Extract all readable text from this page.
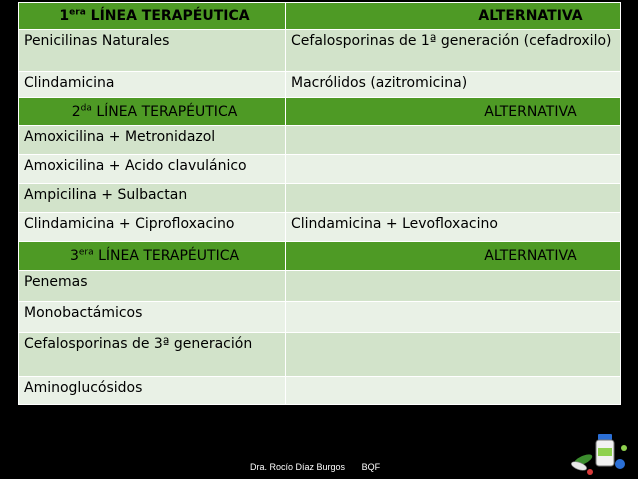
$1^{era}$ LÍNEA TERAPÉUTICA	ALTERNATIVA
Penicilinas Naturales	Cefalosporinas de 1ª generación (cefadroxilo)
Clindamicina	Macrólidos (azitromicina)
$2^{da}$ LÍNEA TERAPÉUTICA	ALTERNATIVA
Amoxicilina + Metronidazol	
Amoxicilina + Acido clavulánico	
Ampicilina + Sulbactan	
Clindamicina + Ciprofloxacino	Clindamicina + Levofloxacino
$3^{era}$ LÍNEA TERAPÉUTICA	ALTERNATIVA
Penemas	
Monobactámicos	
Cefalosporinas de 3ª generación	
Aminoglucósidos	
Dra. Rocío Díaz Burgos BQF
